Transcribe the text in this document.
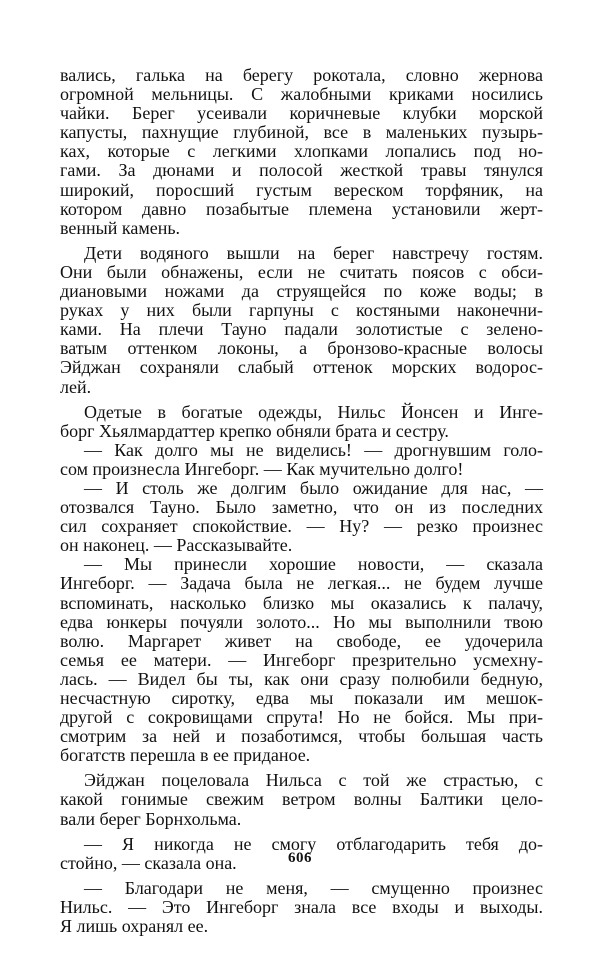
вались, галька на берегу рокотала, словно жернова
огромной мельницы. С жалобными криками носились
чайки. Берег усеивали коричневые клубки морской
капусты, пахнущие глубиной, все в маленьких пузырь-
ках, которые с легкими хлопками лопались под но-
гами. За дюнами и полосой жесткой травы тянулся
широкий, поросший густым вереском торфяник, на
котором давно позабытые племена установили жерт-
венный камень.
Дети водяного вышли на берег навстречу гостям.
Они были обнажены, если не считать поясов с обси-
диановыми ножами да струящейся по коже воды; в
руках у них были гарпуны с костяными наконечни-
ками. На плечи Тауно падали золотистые с зелено-
ватым оттенком локоны, а бронзово-красные волосы
Эйджан сохраняли слабый оттенок морских водорос-
лей.
Одетые в богатые одежды, Нильс Йонсен и Инге-
борг Хьялмардаттер крепко обняли брата и сестру.
— Как долго мы не виделись! — дрогнувшим голо-
сом произнесла Ингеборг. — Как мучительно долго!
— И столь же долгим было ожидание для нас, —
отозвался Тауно. Было заметно, что он из последних
сил сохраняет спокойствие. — Ну? — резко произнес
он наконец. — Рассказывайте.
— Мы принесли хорошие новости, — сказала
Ингеборг. — Задача была не легкая... не будем лучше
вспоминать, насколько близко мы оказались к палачу,
едва юнкеры почуяли золото... Но мы выполнили твою
волю. Маргарет живет на свободе, ее удочерила
семья ее матери. — Ингеборг презрительно усмехну-
лась. — Видел бы ты, как они сразу полюбили бедную,
несчастную сиротку, едва мы показали им мешок-
другой с сокровищами спрута! Но не бойся. Мы при-
смотрим за ней и позаботимся, чтобы большая часть
богатств перешла в ее приданое.
Эйджан поцеловала Нильса с той же страстью, с
какой гонимые свежим ветром волны Балтики цело-
вали берег Борнхольма.
— Я никогда не смогу отблагодарить тебя до-
стойно, — сказала она.
— Благодари не меня, — смущенно произнес
Нильс. — Это Ингеборг знала все входы и выходы.
Я лишь охранял ее.
606
